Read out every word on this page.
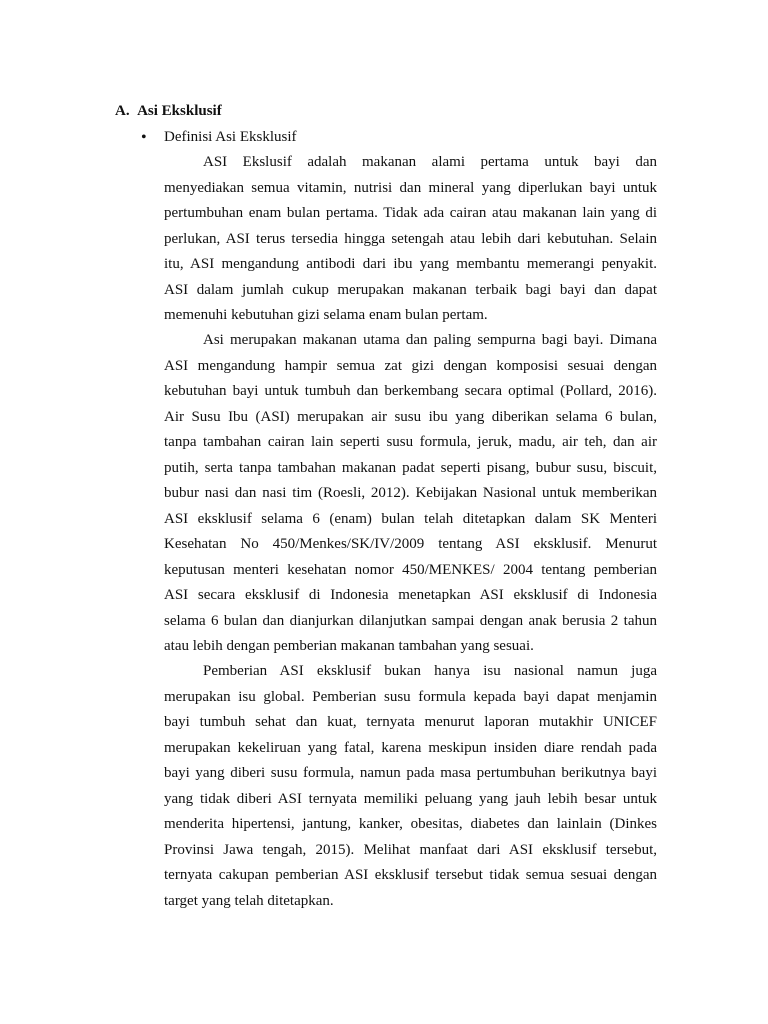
A. Asi Eksklusif
• Definisi Asi Eksklusif
ASI Ekslusif adalah makanan alami pertama untuk bayi dan
menyediakan semua vitamin, nutrisi dan mineral yang diperlukan bayi untuk
pertumbuhan enam bulan pertama. Tidak ada cairan atau makanan lain yang di
perlukan, ASI terus tersedia hingga setengah atau lebih dari kebutuhan. Selain
itu, ASI mengandung antibodi dari ibu yang membantu memerangi penyakit.
ASI dalam jumlah cukup merupakan makanan terbaik bagi bayi dan dapat
memenuhi kebutuhan gizi selama enam bulan pertam.
Asi merupakan makanan utama dan paling sempurna bagi bayi. Dimana
ASI mengandung hampir semua zat gizi dengan komposisi sesuai dengan
kebutuhan bayi untuk tumbuh dan berkembang secara optimal (Pollard, 2016).
Air Susu Ibu (ASI) merupakan air susu ibu yang diberikan selama 6 bulan,
tanpa tambahan cairan lain seperti susu formula, jeruk, madu, air teh, dan air
putih, serta tanpa tambahan makanan padat seperti pisang, bubur susu, biscuit,
bubur nasi dan nasi tim (Roesli, 2012). Kebijakan Nasional untuk memberikan
ASI eksklusif selama 6 (enam) bulan telah ditetapkan dalam SK Menteri
Kesehatan No 450/Menkes/SK/IV/2009 tentang ASI eksklusif. Menurut
keputusan menteri kesehatan nomor 450/MENKES/ 2004 tentang pemberian
ASI secara eksklusif di Indonesia menetapkan ASI eksklusif di Indonesia
selama 6 bulan dan dianjurkan dilanjutkan sampai dengan anak berusia 2 tahun
atau lebih dengan pemberian makanan tambahan yang sesuai.
Pemberian ASI eksklusif bukan hanya isu nasional namun juga
merupakan isu global. Pemberian susu formula kepada bayi dapat menjamin
bayi tumbuh sehat dan kuat, ternyata menurut laporan mutakhir UNICEF
merupakan kekeliruan yang fatal, karena meskipun insiden diare rendah pada
bayi yang diberi susu formula, namun pada masa pertumbuhan berikutnya bayi
yang tidak diberi ASI ternyata memiliki peluang yang jauh lebih besar untuk
menderita hipertensi, jantung, kanker, obesitas, diabetes dan lainlain (Dinkes
Provinsi Jawa tengah, 2015). Melihat manfaat dari ASI eksklusif tersebut,
ternyata cakupan pemberian ASI eksklusif tersebut tidak semua sesuai dengan
target yang telah ditetapkan.
